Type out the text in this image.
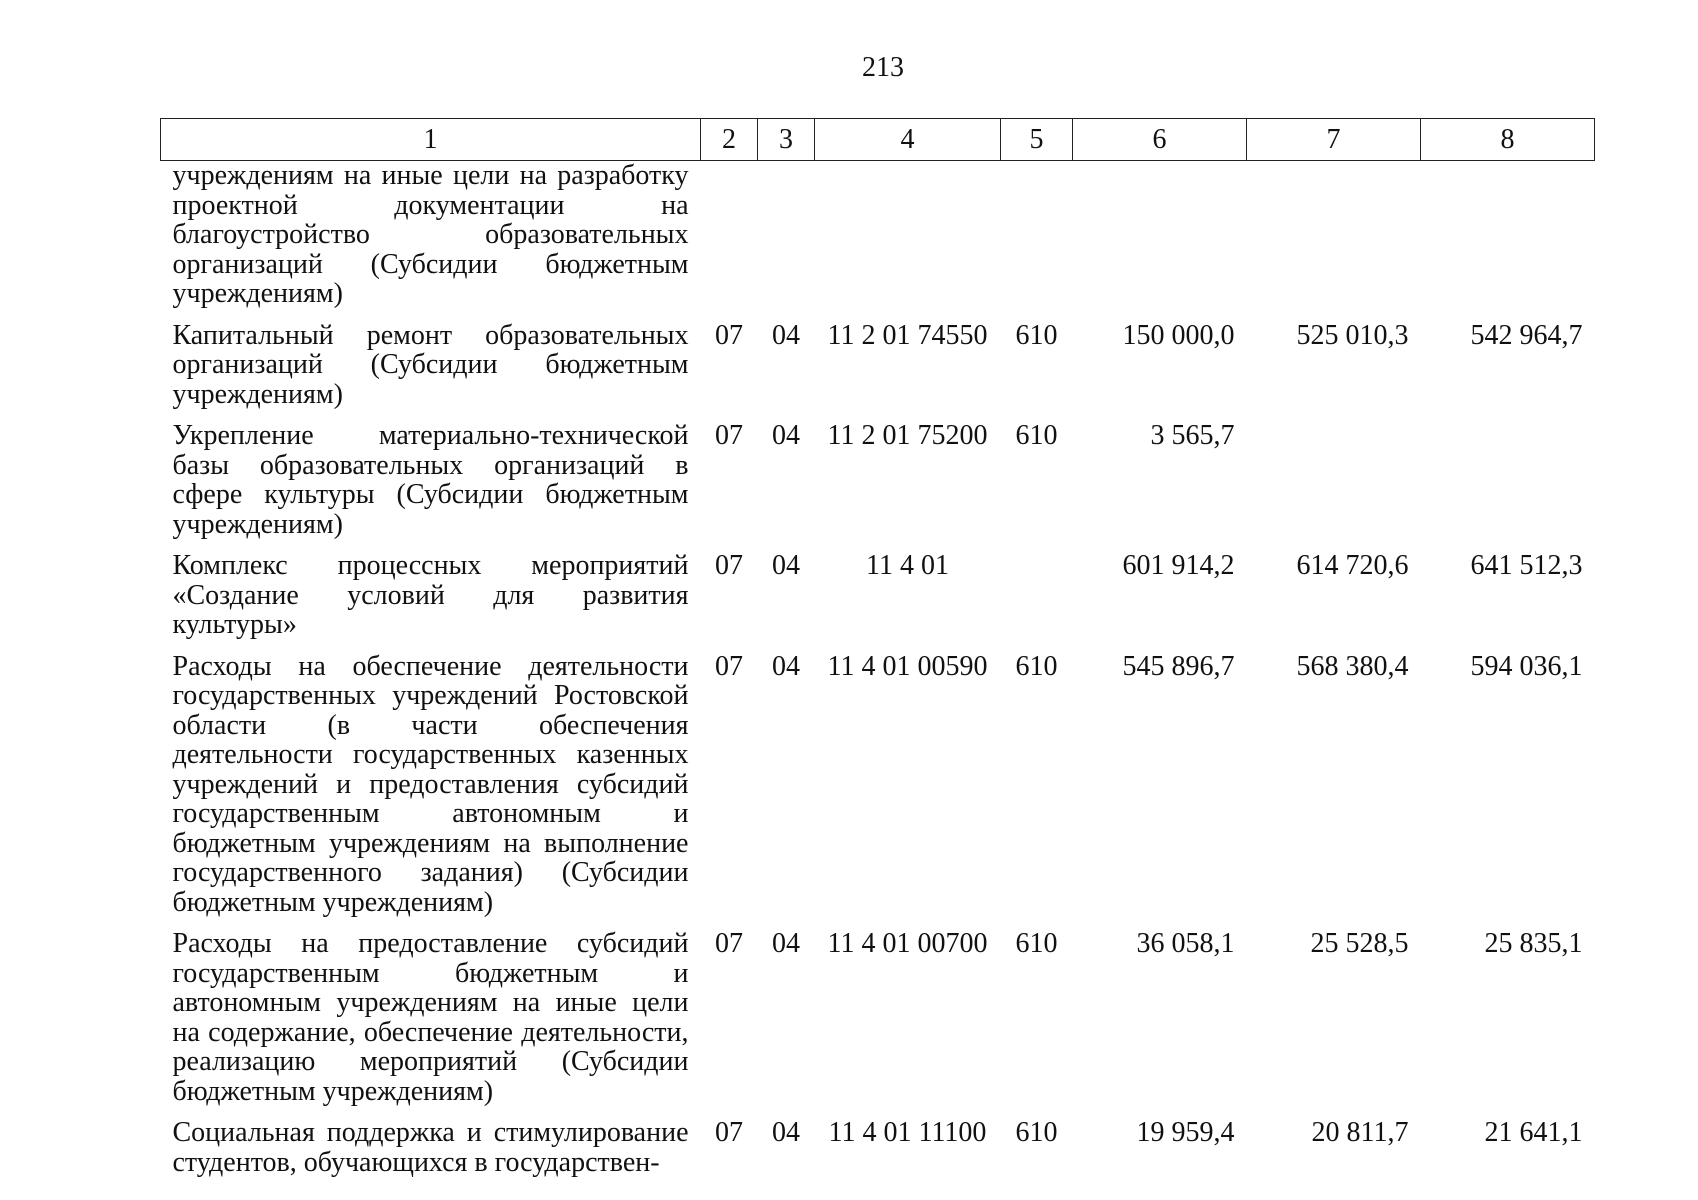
213
1	2	3	4	5	6	7	8
учреждениям на иные цели на разработку проектной документации на благоустройство образовательных организаций (Субсидии бюджетным учреждениям)							
Капитальный ремонт образовательных организаций (Субсидии бюджетным учреждениям)	07	04	11 2 01 74550	610	150 000,0	525 010,3	542 964,7
Укрепление материально-технической базы образовательных организаций в сфере культуры (Субсидии бюджетным учреждениям)	07	04	11 2 01 75200	610	3 565,7		
Комплекс процессных мероприятий «Создание условий для развития культуры»	07	04	11 4 01		601 914,2	614 720,6	641 512,3
Расходы на обеспечение деятельности государственных учреждений Ростовской области (в части обеспечения деятельности государственных казенных учреждений и предоставления субсидий государственным автономным и бюджетным учреждениям на выполнение государственного задания) (Субсидии бюджетным учреждениям)	07	04	11 4 01 00590	610	545 896,7	568 380,4	594 036,1
Расходы на предоставление субсидий государственным бюджетным и автономным учреждениям на иные цели на содержание, обеспечение деятельности, реализацию мероприятий (Субсидии бюджетным учреждениям)	07	04	11 4 01 00700	610	36 058,1	25 528,5	25 835,1
Социальная поддержка и стимулирование студентов, обучающихся в государствен-	07	04	11 4 01 11100	610	19 959,4	20 811,7	21 641,1
